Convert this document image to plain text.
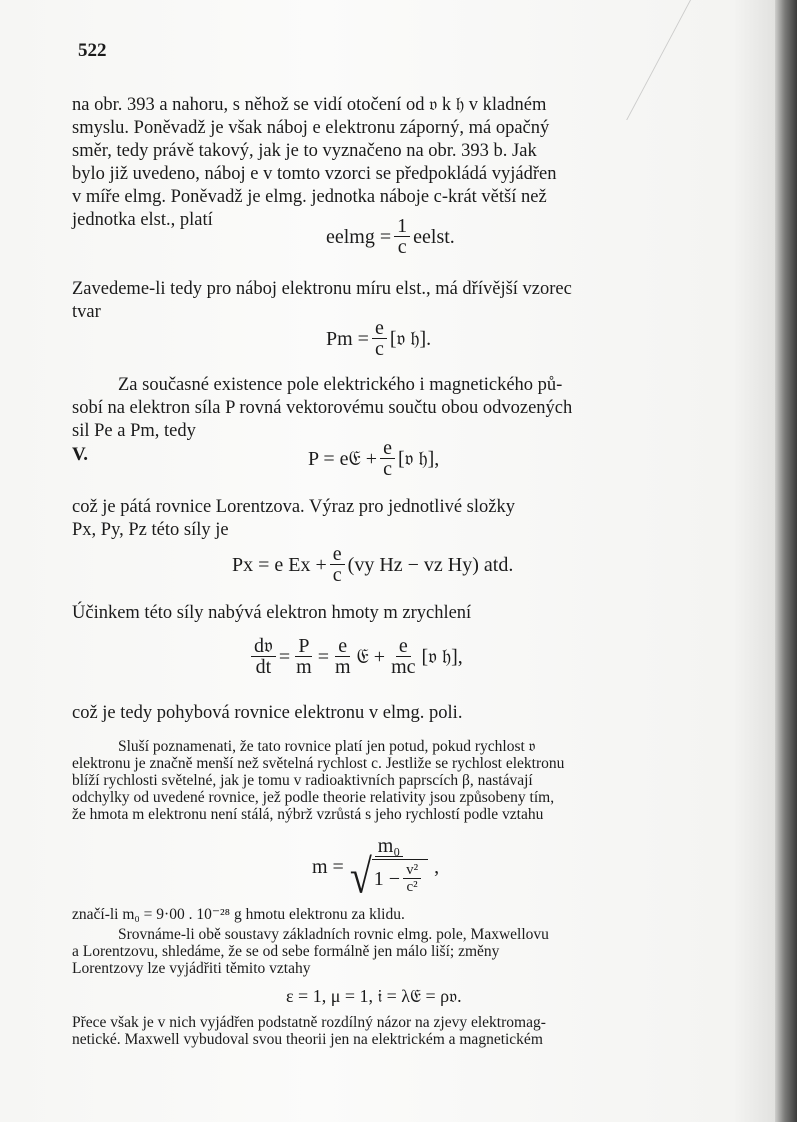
522
na obr. 393 a nahoru, s něhož se vidí otočení od 𝔳 k 𝔥 v kladném
smyslu. Poněvadž je však náboj e elektronu záporný, má opačný
směr, tedy právě takový, jak je to vyznačeno na obr. 393 b. Jak
bylo již uvedeno, náboj e v tomto vzorci se předpokládá vyjádřen
v míře elmg. Poněvadž je elmg. jednotka náboje c-krát větší než
jednotka elst., platí
eelmg = $\frac{1}{c}$ eelst.
Zavedeme-li tedy pro náboj elektronu míru elst., má dřívější vzorec
tvar
$Pm = \frac{e}{c}$ [𝔳 𝔥].
Za současné existence pole elektrického i magnetického pů-
sobí na elektron síla P rovná vektorovému součtu obou odvozených
sil Pe a Pm, tedy
V.	P = e𝔈 + $\frac{e}{c}$ [𝔳 𝔥],
což je pátá rovnice Lorentzova. Výraz pro jednotlivé složky
Px, Py, Pz této síly je
Px = e $Ex + \frac{e}{c} (vy$ Hz − vz Hy) atd.
Účinkem této síly nabývá elektron hmoty m zrychlení
$\frac{\text{d𝔳}}{dt} = \frac{P}{m} = \frac{e}{m}$ 𝔈 + $\frac{e}{mc}$ [𝔳 𝔥],
což je tedy pohybová rovnice elektronu v elmg. poli.
Sluší poznamenati, že tato rovnice platí jen potud, pokud rychlost 𝔳
elektronu je značně menší než světelná rychlost c. Jestliže se rychlost elektronu
blíží rychlosti světelné, jak je tomu v radioaktivních paprscích β, nastávají
odchylky od uvedené rovnice, jež podle theorie relativity jsou způsobeny tím,
že hmota m elektronu není stálá, nýbrž vzrůstá s jeho rychlostí podle vztahu
m =
m₀
√ $1 - \frac{\text{v²}}{\text{c²}}$ ,
značí-li m₀ = 9·00 . 10⁻²⁸ g hmotu elektronu za klidu.
Srovnáme-li obě soustavy základních rovnic elmg. pole, Maxwellovu
a Lorentzovu, shledáme, že se od sebe formálně jen málo liší; změny
Lorentzovy lze vyjádřiti těmito vztahy
ε = 1, μ = 1, 𝔦 = λ𝔈 = ρ𝔳.
Přece však je v nich vyjádřen podstatně rozdílný názor na zjevy elektromag-
netické. Maxwell vybudoval svou theorii jen na elektrickém a magnetickém
